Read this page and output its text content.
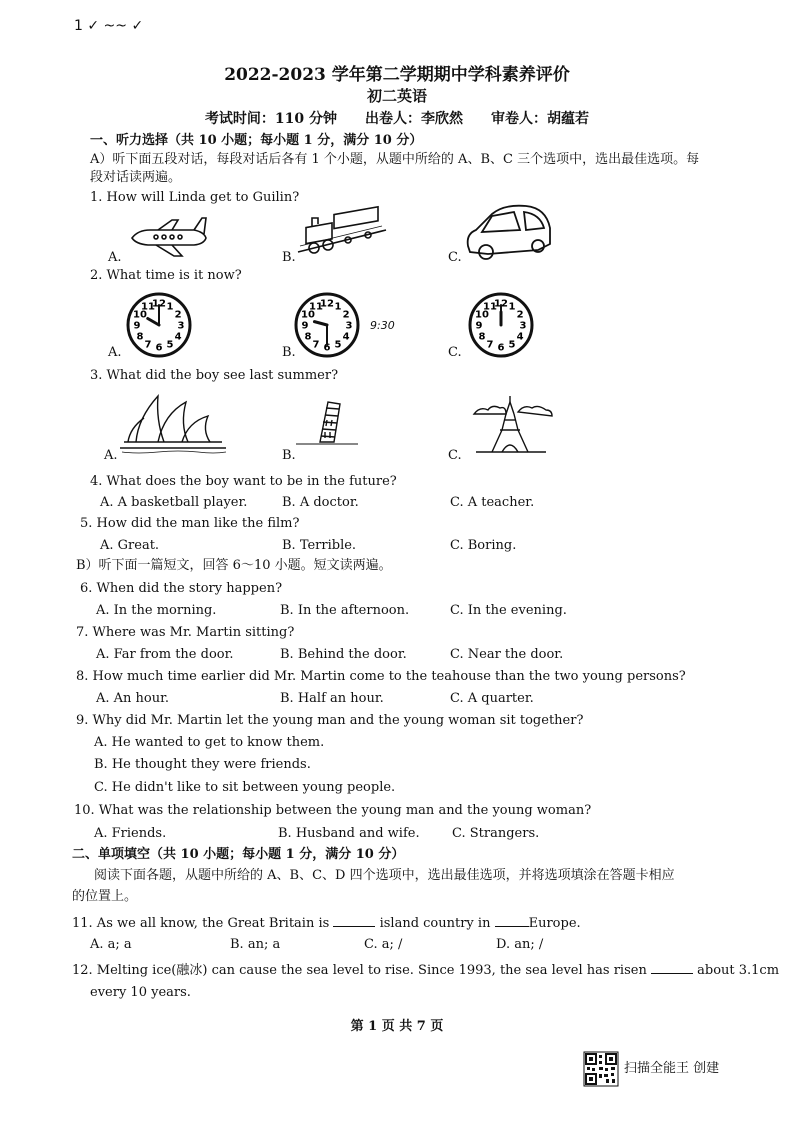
1 ✓ ~~ ✓
2022-2023 学年第二学期期中学科素养评价
初二英语
考试时间：110 分钟　　出卷人：李欣然　　审卷人：胡蕴若
一、听力选择（共 10 小题；每小题 1 分，满分 10 分）
A）听下面五段对话，每段对话后各有 1 个小题，从题中所给的 A、B、C 三个选项中，选出最佳选项。每
段对话读两遍。
1. How will Linda get to Guilin?
A.	B.	C.
2. What time is it now?
A.
1
2
3
4
5
6
7
8
9
10
11
12
B.
1
2
3
4
5
6
7
8
9
10
11
12
9:30
C.
1
2
3
4
5
6
7
8
9
10
11
12
3. What did the boy see last summer?
A.	B.	C.
4. What does the boy want to be in the future?
A. A basketball player.	B. A doctor.	C. A teacher.
5. How did the man like the film?
A. Great.	B. Terrible.	C. Boring.
B）听下面一篇短文，回答 6～10 小题。短文读两遍。
6. When did the story happen?
A. In the morning.	B. In the afternoon.	C. In the evening.
7. Where was Mr. Martin sitting?
A. Far from the door.	B. Behind the door.	C. Near the door.
8. How much time earlier did Mr. Martin come to the teahouse than the two young persons?
A. An hour.	B. Half an hour.	C. A quarter.
9. Why did Mr. Martin let the young man and the young woman sit together?
A. He wanted to get to know them.
B. He thought they were friends.
C. He didn't like to sit between young people.
10. What was the relationship between the young man and the young woman?
A. Friends.	B. Husband and wife. C. Strangers.
二、单项填空（共 10 小题；每小题 1 分，满分 10 分）
阅读下面各题，从题中所给的 A、B、C、D 四个选项中，选出最佳选项，并将选项填涂在答题卡相应
的位置上。
11. As we all know, the Great Britain is	island country in	Europe.
A. a; a	B. an; a	C. a; /	D. an; /
12. Melting ice(融冰) can cause the sea level to rise. Since 1993, the sea level has risen	about 3.1cm
every 10 years.
第 1 页 共 7 页
扫描全能王 创建
